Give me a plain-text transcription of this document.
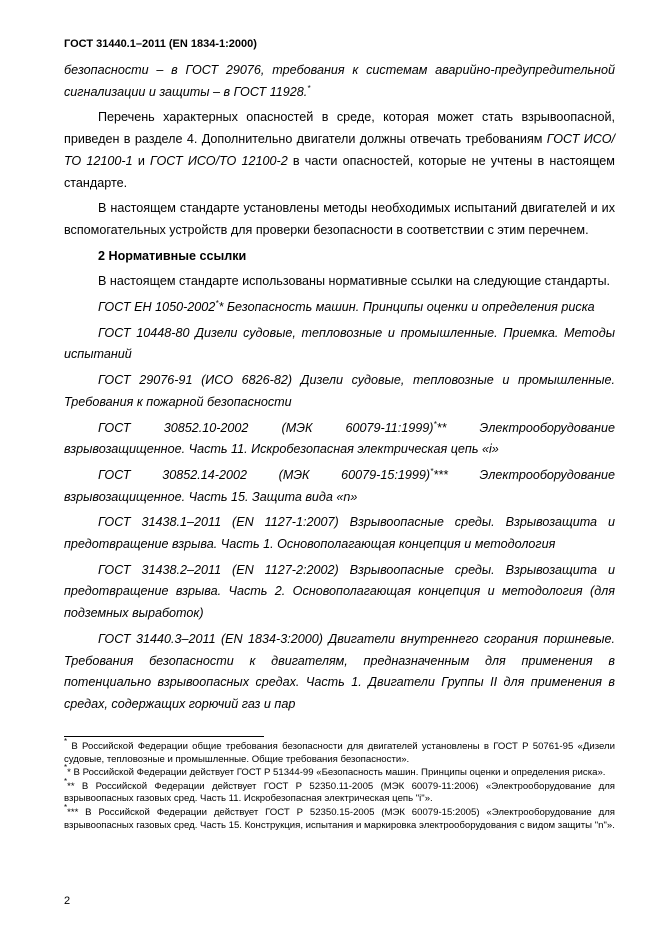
ГОСТ 31440.1–2011 (EN 1834-1:2000)

безопасности – в ГОСТ 29076, требования к системам аварийно-предупредительной сигнализации и защиты – в ГОСТ 11928.*

Перечень характерных опасностей в среде, которая может стать взрывоопасной, приведен в разделе 4. Дополнительно двигатели должны отвечать требованиям ГОСТ ИСО/ТО 12100-1 и ГОСТ ИСО/ТО 12100-2 в части опасностей, которые не учтены в настоящем стандарте.

В настоящем стандарте установлены методы необходимых испытаний двигателей и их вспомогательных устройств для проверки безопасности в соответствии с этим перечнем.

2 Нормативные ссылки

В настоящем стандарте использованы нормативные ссылки на следующие стандарты.

ГОСТ ЕН 1050-2002** Безопасность машин. Принципы оценки и определения риска

ГОСТ 10448-80 Дизели судовые, тепловозные и промышленные. Приемка. Методы испытаний

ГОСТ 29076-91 (ИСО 6826-82) Дизели судовые, тепловозные и промышленные. Требования к пожарной безопасности

ГОСТ 30852.10-2002 (МЭК 60079-11:1999)*** Электрооборудование взрывозащищенное. Часть 11. Искробезопасная электрическая цепь «i»

ГОСТ 30852.14-2002 (МЭК 60079-15:1999)**** Электрооборудование взрывозащищенное. Часть 15. Защита вида «n»

ГОСТ 31438.1–2011 (EN 1127-1:2007) Взрывоопасные среды. Взрывозащита и предотвращение взрыва. Часть 1. Основополагающая концепция и методология

ГОСТ 31438.2–2011 (EN 1127-2:2002) Взрывоопасные среды. Взрывозащита и предотвращение взрыва. Часть 2. Основополагающая концепция и методология (для подземных выработок)

ГОСТ 31440.3–2011 (EN 1834-3:2000) Двигатели внутреннего сгорания поршневые. Требования безопасности к двигателям, предназначенным для применения в потенциально взрывоопасных средах. Часть 1. Двигатели Группы II для применения в средах, содержащих горючий газ и пар

* В Российской Федерации общие требования безопасности для двигателей установлены в ГОСТ Р 50761-95 «Дизели судовые, тепловозные и промышленные. Общие требования безопасности».

** В Российской Федерации действует ГОСТ Р 51344-99 «Безопасность машин. Принципы оценки и определения риска».

*** В Российской Федерации действует ГОСТ Р 52350.11-2005 (МЭК 60079-11:2006) «Электрооборудование для взрывоопасных газовых сред. Часть 11. Искробезопасная электрическая цепь "i"».

**** В Российской Федерации действует ГОСТ Р 52350.15-2005 (МЭК 60079-15:2005) «Электрооборудование для взрывоопасных газовых сред. Часть 15. Конструкция, испытания и маркировка электрооборудования с видом защиты "n"».

2
